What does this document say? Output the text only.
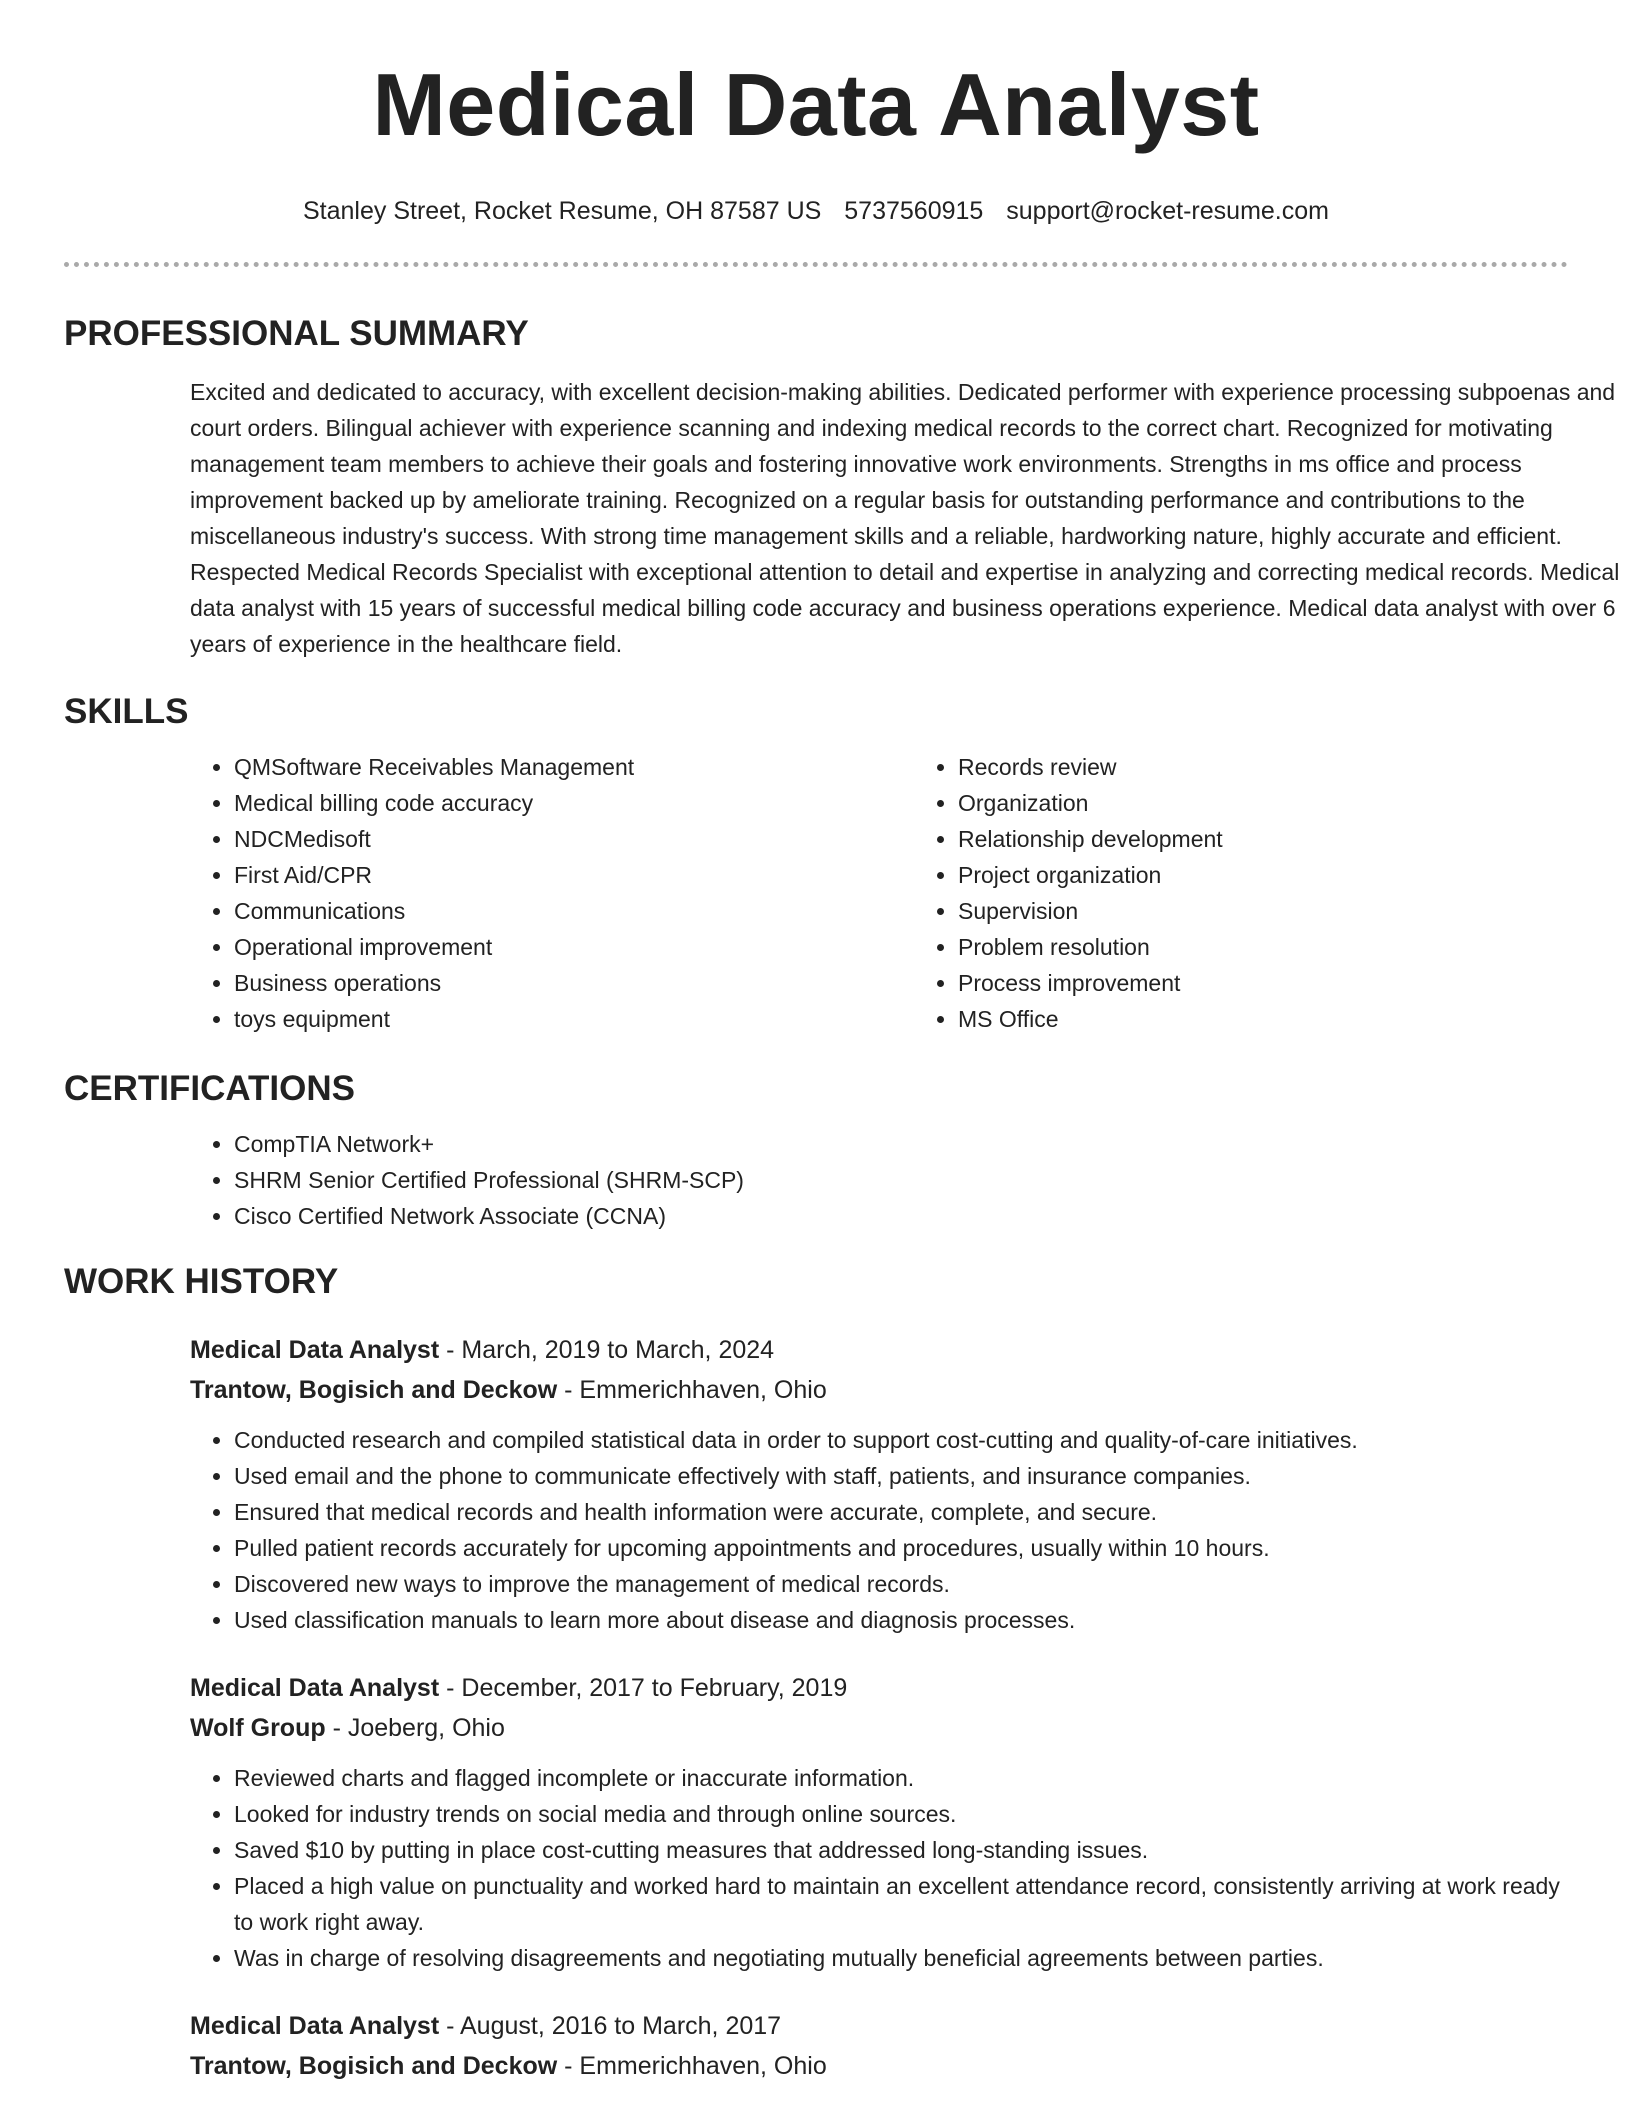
Medical Data Analyst
Stanley Street, Rocket Resume, OH 87587 US 5737560915 support@rocket-resume.com
PROFESSIONAL SUMMARY

Excited and dedicated to accuracy, with excellent decision-making abilities. Dedicated performer with experience processing subpoenas and court orders. Bilingual achiever with experience scanning and indexing medical records to the correct chart. Recognized for motivating management team members to achieve their goals and fostering innovative work environments. Strengths in ms office and process improvement backed up by ameliorate training. Recognized on a regular basis for outstanding performance and contributions to the miscellaneous industry's success. With strong time management skills and a reliable, hardworking nature, highly accurate and efficient. Respected Medical Records Specialist with exceptional attention to detail and expertise in analyzing and correcting medical records. Medical data analyst with 15 years of successful medical billing code accuracy and business operations experience. Medical data analyst with over 6 years of experience in the healthcare field.

SKILLS
• QMSoftware Receivables Management
• Medical billing code accuracy
• NDCMedisoft
• First Aid/CPR
• Communications
• Operational improvement
• Business operations
• toys equipment
• Records review
• Organization
• Relationship development
• Project organization
• Supervision
• Problem resolution
• Process improvement
• MS Office
CERTIFICATIONS
• CompTIA Network+
• SHRM Senior Certified Professional (SHRM-SCP)
• Cisco Certified Network Associate (CCNA)
WORK HISTORY
Medical Data Analyst - March, 2019 to March, 2024
Trantow, Bogisich and Deckow - Emmerichhaven, Ohio
• Conducted research and compiled statistical data in order to support cost-cutting and quality-of-care initiatives.
• Used email and the phone to communicate effectively with staff, patients, and insurance companies.
• Ensured that medical records and health information were accurate, complete, and secure.
• Pulled patient records accurately for upcoming appointments and procedures, usually within 10 hours.
• Discovered new ways to improve the management of medical records.
• Used classification manuals to learn more about disease and diagnosis processes.
Medical Data Analyst - December, 2017 to February, 2019
Wolf Group - Joeberg, Ohio
• Reviewed charts and flagged incomplete or inaccurate information.
• Looked for industry trends on social media and through online sources.
• Saved $10 by putting in place cost-cutting measures that addressed long-standing issues.
• Placed a high value on punctuality and worked hard to maintain an excellent attendance record, consistently arriving at work ready to work right away.
• Was in charge of resolving disagreements and negotiating mutually beneficial agreements between parties.
Medical Data Analyst - August, 2016 to March, 2017
Trantow, Bogisich and Deckow - Emmerichhaven, Ohio
